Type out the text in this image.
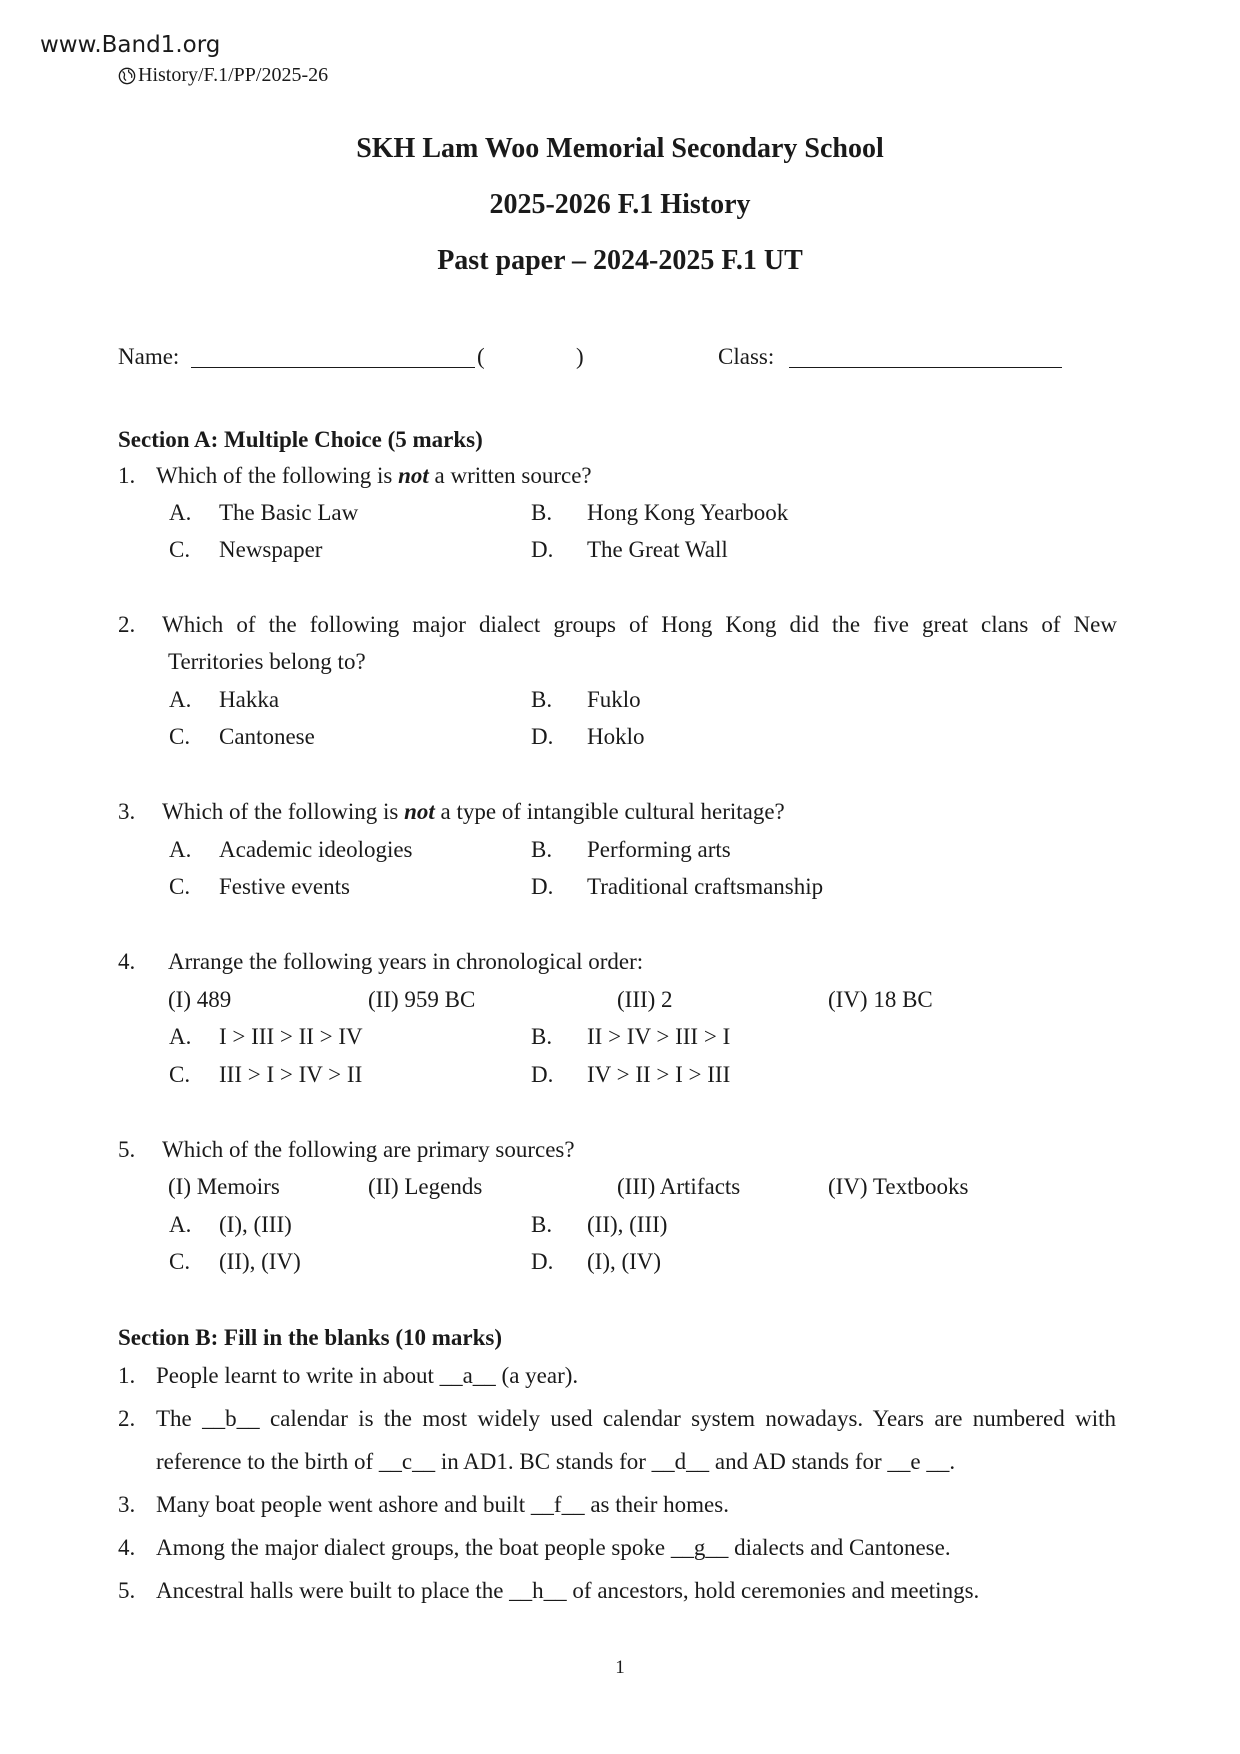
www.Band1.org
History/F.1/PP/2025-26
SKH Lam Woo Memorial Secondary School
2025-2026 F.1 History
Past paper – 2024-2025 F.1 UT
Name:	(	)	Class:
Section A: Multiple Choice (5 marks)
1. Which of the following is not a written source?
A. The Basic Law	B. Hong Kong Yearbook
C. Newspaper	D. The Great Wall
2. Which of the following major dialect groups of Hong Kong did the five great clans of New
Territories belong to?
A. Hakka	B. Fuklo
C. Cantonese	D. Hoklo
3. Which of the following is not a type of intangible cultural heritage?
A. Academic ideologies	B. Performing arts
C. Festive events	D. Traditional craftsmanship
4. Arrange the following years in chronological order:
(I) 489	(II) 959 BC	(III) 2	(IV) 18 BC
A. I > III > II > IV	B. II > IV > III > I
C. III > I > IV > II	D. IV > II > I > III
5. Which of the following are primary sources?
(I) Memoirs	(II) Legends	(III) Artifacts	(IV) Textbooks
A. (I), (III)	B. (II), (III)
C. (II), (IV)	D. (I), (IV)
Section B: Fill in the blanks (10 marks)
1. People learnt to write in about __a__ (a year).
2. The __b__ calendar is the most widely used calendar system nowadays. Years are numbered with
reference to the birth of __c__ in AD1. BC stands for __d__ and AD stands for __e __.
3. Many boat people went ashore and built __f__ as their homes.
4. Among the major dialect groups, the boat people spoke __g__ dialects and Cantonese.
5. Ancestral halls were built to place the __h__ of ancestors, hold ceremonies and meetings.
1
